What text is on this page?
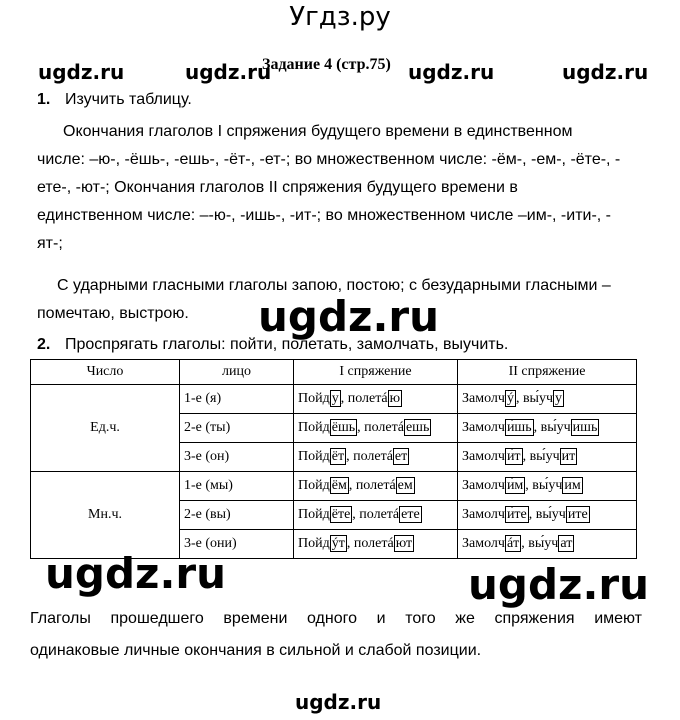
Угдз.ру
ugdz.ru	ugdz.ru	ugdz.ru	ugdz.ru
Задание 4 (стр.75)
1. Изучить таблицу.
Окончания глаголов I спряжения будущего времени в единственном
числе: –ю-, -ёшь-, -ешь-, -ёт-, -ет-; во множественном числе: -ём-, -ем-, -ёте-, -
ете-, -ют-; Окончания глаголов II спряжения будущего времени в
единственном числе: –-ю-, -ишь-, -ит-; во множественном числе –им-, -ити-, -
ят-;
С ударными гласными глаголы запою, постою; с безударными гласными –
помечтаю, выстрою.	ugdz.ru
2. Проспрягать глаголы: пойти, полетать, замолчать, выучить.
Число	лицо	I спряжение	II спряжение
Ед.ч.	1-е (я)	Пойд у , полетá ю	Замолч ý , вы́уч у
	2-е (ты)	Пойд ёшь , полетá ешь	Замолч и́шь , вы́уч ишь
	3-е (он)	Пойд ёт , полетá ет	Замолч и́т , вы́уч ит
Мн.ч.	1-е (мы)	Пойд ём , полетá ем	Замолч и́м , вы́уч им
	2-е (вы)	Пойд ёте , полетá ете	Замолч и́те , вы́уч ите
	3-е (они)	Пойд ýт , полетá ют	Замолч áт , вы́уч ат
ugdz.ru	ugdz.ru
Глаголы прошедшего времени одного и того же спряжения имеют
одинаковые личные окончания в сильной и слабой позиции.
ugdz.ru
